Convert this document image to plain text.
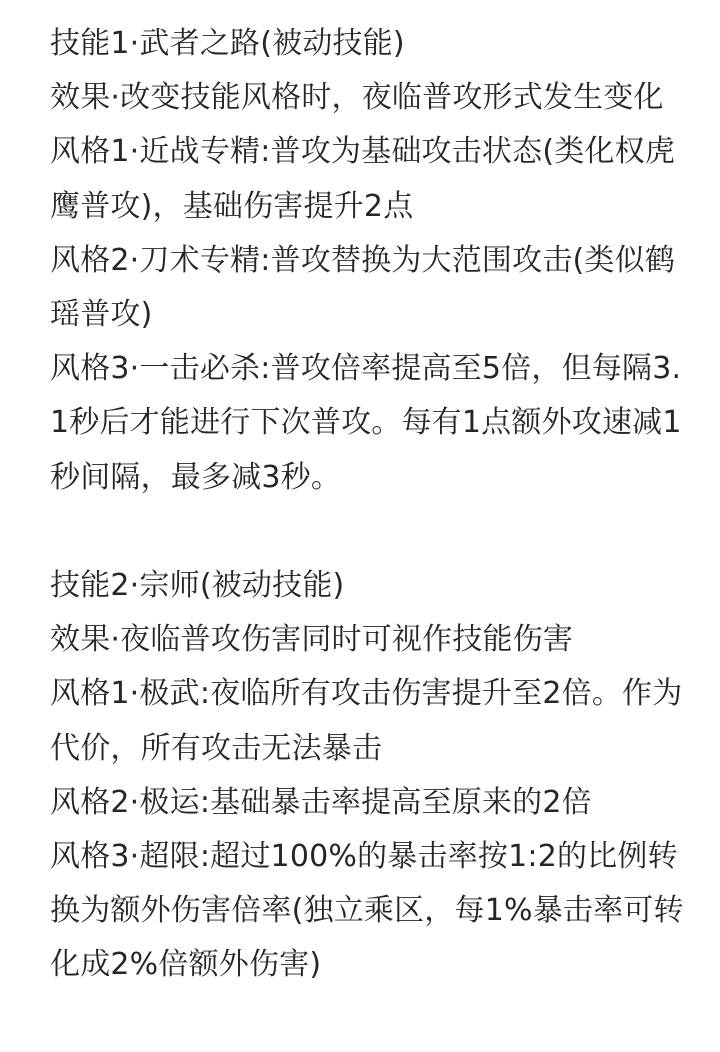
技能1·武者之路(被动技能)
效果·改变技能风格时，夜临普攻形式发生变化
风格1·近战专精:普攻为基础攻击状态(类化权虎鹰普攻)，基础伤害提升2点
风格2·刀术专精:普攻替换为大范围攻击(类似鹤瑶普攻)
风格3·一击必杀:普攻倍率提高至5倍，但每隔3.1秒后才能进行下次普攻。每有1点额外攻速减1秒间隔，最多减3秒。
技能2·宗师(被动技能)
效果·夜临普攻伤害同时可视作技能伤害
风格1·极武:夜临所有攻击伤害提升至2倍。作为代价，所有攻击无法暴击
风格2·极运:基础暴击率提高至原来的2倍
风格3·超限:超过100%的暴击率按1:2的比例转换为额外伤害倍率(独立乘区，每1%暴击率可转化成2%倍额外伤害)
